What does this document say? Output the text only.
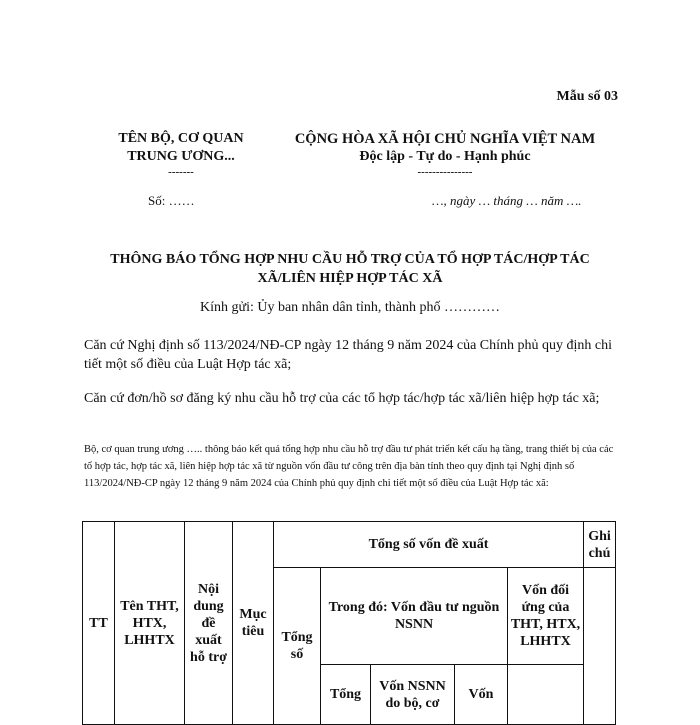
Mẫu số 03
TÊN BỘ, CƠ QUAN
TRUNG ƯƠNG...
-------
CỘNG HÒA XÃ HỘI CHỦ NGHĨA VIỆT NAM
Độc lập - Tự do - Hạnh phúc
---------------
Số: ……	…, ngày … tháng … năm ….
THÔNG BÁO TỔNG HỢP NHU CẦU HỖ TRỢ CỦA TỔ HỢP TÁC/HỢP TÁC
XÃ/LIÊN HIỆP HỢP TÁC XÃ
Kính gửi: Ủy ban nhân dân tỉnh, thành phố …………
Căn cứ Nghị định số 113/2024/NĐ-CP ngày 12 tháng 9 năm 2024 của Chính phủ quy định chi tiết một số điều của Luật Hợp tác xã;
Căn cứ đơn/hồ sơ đăng ký nhu cầu hỗ trợ của các tổ hợp tác/hợp tác xã/liên hiệp hợp tác xã;
Bộ, cơ quan trung ương ….. thông báo kết quả tổng hợp nhu cầu hỗ trợ đầu tư phát triển kết cấu hạ tầng, trang thiết bị của các tổ hợp tác, hợp tác xã, liên hiệp hợp tác xã từ nguồn vốn đầu tư công trên địa bàn tỉnh theo quy định tại Nghị định số 113/2024/NĐ-CP ngày 12 tháng 9 năm 2024 của Chính phủ quy định chi tiết một số điều của Luật Hợp tác xã:
TT	Tên THT, HTX, LHHTX	Nội dung đề xuất hỗ trợ	Mục tiêu	Tổng số vốn đề xuất					Ghi chú
				Tổng số	Trong đó: Vốn đầu tư nguồn NSNN			Vốn đối ứng của THT, HTX, LHHTX	
					Tổng	Vốn NSNN do bộ, cơ	Vốn		
